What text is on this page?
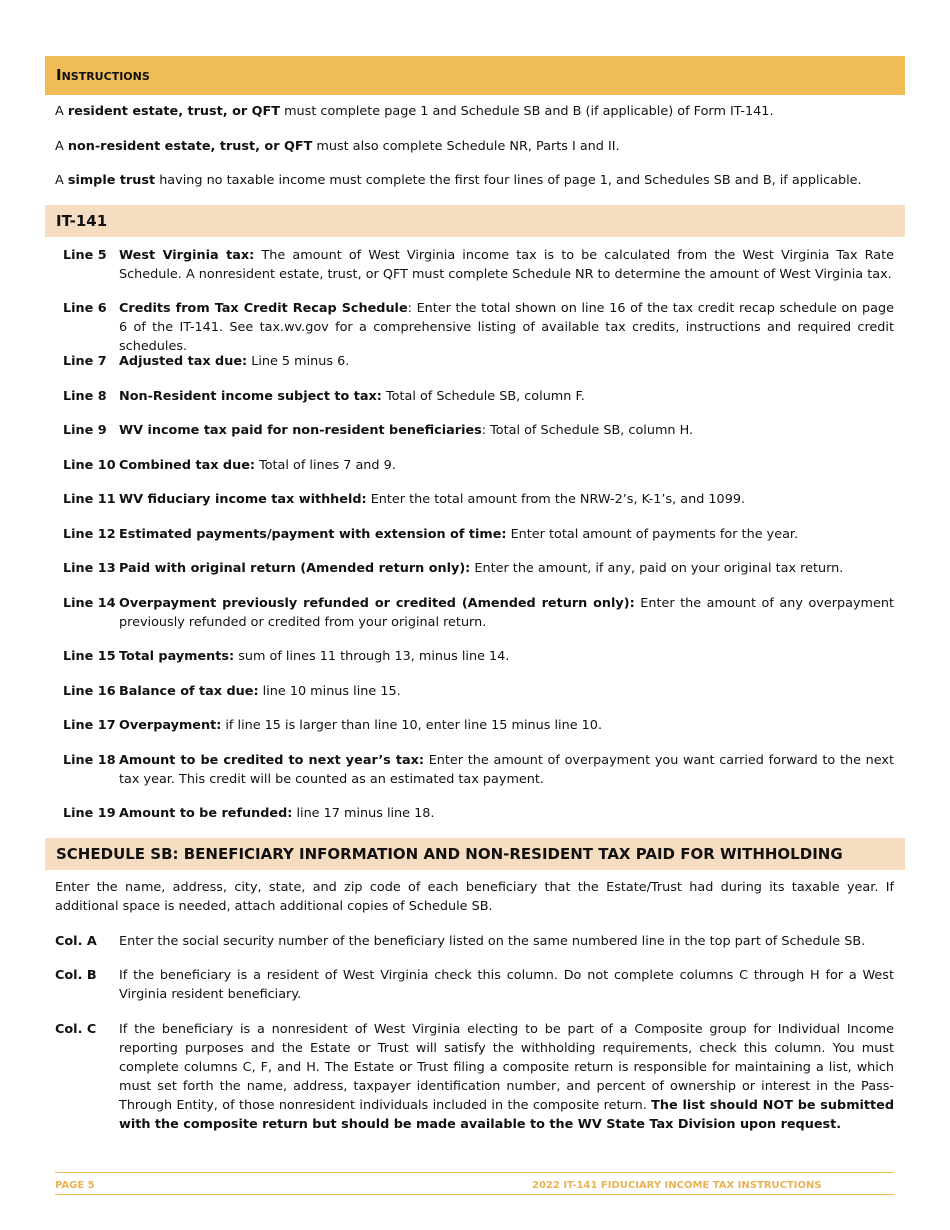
Instructions
A resident estate, trust, or QFT must complete page 1 and Schedule SB and B (if applicable) of Form IT-141.
A non-resident estate, trust, or QFT must also complete Schedule NR, Parts I and II.
A simple trust having no taxable income must complete the first four lines of page 1, and Schedules SB and B, if applicable.
IT-141
Line 5 West Virginia tax: The amount of West Virginia income tax is to be calculated from the West Virginia Tax Rate Schedule. A nonresident estate, trust, or QFT must complete Schedule NR to determine the amount of West Virginia tax.
Line 6 Credits from Tax Credit Recap Schedule: Enter the total shown on line 16 of the tax credit recap schedule on page 6 of the IT-141. See tax.wv.gov for a comprehensive listing of available tax credits, instructions and required credit schedules.
Line 7 Adjusted tax due: Line 5 minus 6.
Line 8 Non-Resident income subject to tax: Total of Schedule SB, column F.
Line 9 WV income tax paid for non-resident beneficiaries: Total of Schedule SB, column H.
Line 10 Combined tax due: Total of lines 7 and 9.
Line 11 WV fiduciary income tax withheld: Enter the total amount from the NRW-2’s, K-1’s, and 1099.
Line 12 Estimated payments/payment with extension of time: Enter total amount of payments for the year.
Line 13 Paid with original return (Amended return only): Enter the amount, if any, paid on your original tax return.
Line 14 Overpayment previously refunded or credited (Amended return only): Enter the amount of any overpayment previously refunded or credited from your original return.
Line 15 Total payments: sum of lines 11 through 13, minus line 14.
Line 16 Balance of tax due: line 10 minus line 15.
Line 17 Overpayment: if line 15 is larger than line 10, enter line 15 minus line 10.
Line 18 Amount to be credited to next year’s tax: Enter the amount of overpayment you want carried forward to the next tax year. This credit will be counted as an estimated tax payment.
Line 19 Amount to be refunded: line 17 minus line 18.
SCHEDULE SB: BENEFICIARY INFORMATION AND NON-RESIDENT TAX PAID FOR WITHHOLDING
Enter the name, address, city, state, and zip code of each beneficiary that the Estate/Trust had during its taxable year. If additional space is needed, attach additional copies of Schedule SB.
Col. A	Enter the social security number of the beneficiary listed on the same numbered line in the top part of Schedule SB.
Col. B	If the beneficiary is a resident of West Virginia check this column. Do not complete columns C through H for a West Virginia resident beneficiary.
Col. C	If the beneficiary is a nonresident of West Virginia electing to be part of a Composite group for Individual Income reporting purposes and the Estate or Trust will satisfy the withholding requirements, check this column. You must complete columns C, F, and H. The Estate or Trust filing a composite return is responsible for maintaining a list, which must set forth the name, address, taxpayer identification number, and percent of ownership or interest in the Pass-Through Entity, of those nonresident individuals included in the composite return. The list should NOT be submitted with the composite return but should be made available to the WV State Tax Division upon request.
PAGE 5	2022 IT-141 FIDUCIARY INCOME TAX INSTRUCTIONS
